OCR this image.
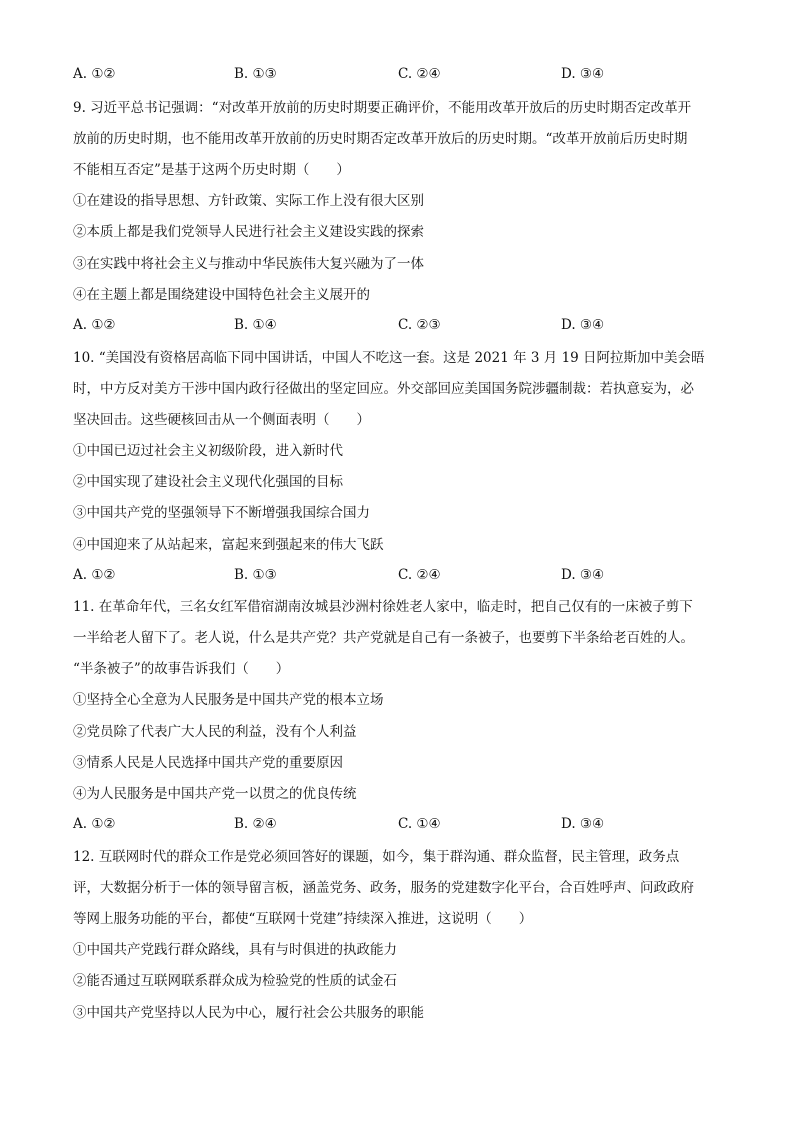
A. ①②	B. ①③	C. ②④	D. ③④
9. 习近平总书记强调：“对改革开放前的历史时期要正确评价，不能用改革开放后的历史时期否定改革开
放前的历史时期，也不能用改革开放前的历史时期否定改革开放后的历史时期。“改革开放前后历史时期
不能相互否定”是基于这两个历史时期（　　）
①在建设的指导思想、方针政策、实际工作上没有很大区别
②本质上都是我们党领导人民进行社会主义建设实践的探索
③在实践中将社会主义与推动中华民族伟大复兴融为了一体
④在主题上都是围绕建设中国特色社会主义展开的
A. ①②	B. ①④	C. ②③	D. ③④
10. “美国没有资格居高临下同中国讲话，中国人不吃这一套。这是 2021 年 3 月 19 日阿拉斯加中美会晤
时，中方反对美方干涉中国内政行径做出的坚定回应。外交部回应美国国务院涉疆制裁：若执意妄为，必
坚决回击。这些硬核回击从一个侧面表明（　　）
①中国已迈过社会主义初级阶段，进入新时代
②中国实现了建设社会主义现代化强国的目标
③中国共产党的坚强领导下不断增强我国综合国力
④中国迎来了从站起来，富起来到强起来的伟大飞跃
A. ①②	B. ①③	C. ②④	D. ③④
11. 在革命年代，三名女红军借宿湖南汝城县沙洲村徐姓老人家中，临走时，把自己仅有的一床被子剪下
一半给老人留下了。老人说，什么是共产党？共产党就是自己有一条被子，也要剪下半条给老百姓的人。
“半条被子”的故事告诉我们（　　）
①坚持全心全意为人民服务是中国共产党的根本立场
②党员除了代表广大人民的利益，没有个人利益
③情系人民是人民选择中国共产党的重要原因
④为人民服务是中国共产党一以贯之的优良传统
A. ①②	B. ②④	C. ①④	D. ③④
12. 互联网时代的群众工作是党必须回答好的课题，如今，集于群沟通、群众监督，民主管理，政务点
评，大数据分析于一体的领导留言板，涵盖党务、政务，服务的党建数字化平台，合百姓呼声、问政政府
等网上服务功能的平台，都使“互联网十党建”持续深入推进，这说明（　　）
①中国共产党践行群众路线，具有与时俱进的执政能力
②能否通过互联网联系群众成为检验党的性质的试金石
③中国共产党坚持以人民为中心，履行社会公共服务的职能
